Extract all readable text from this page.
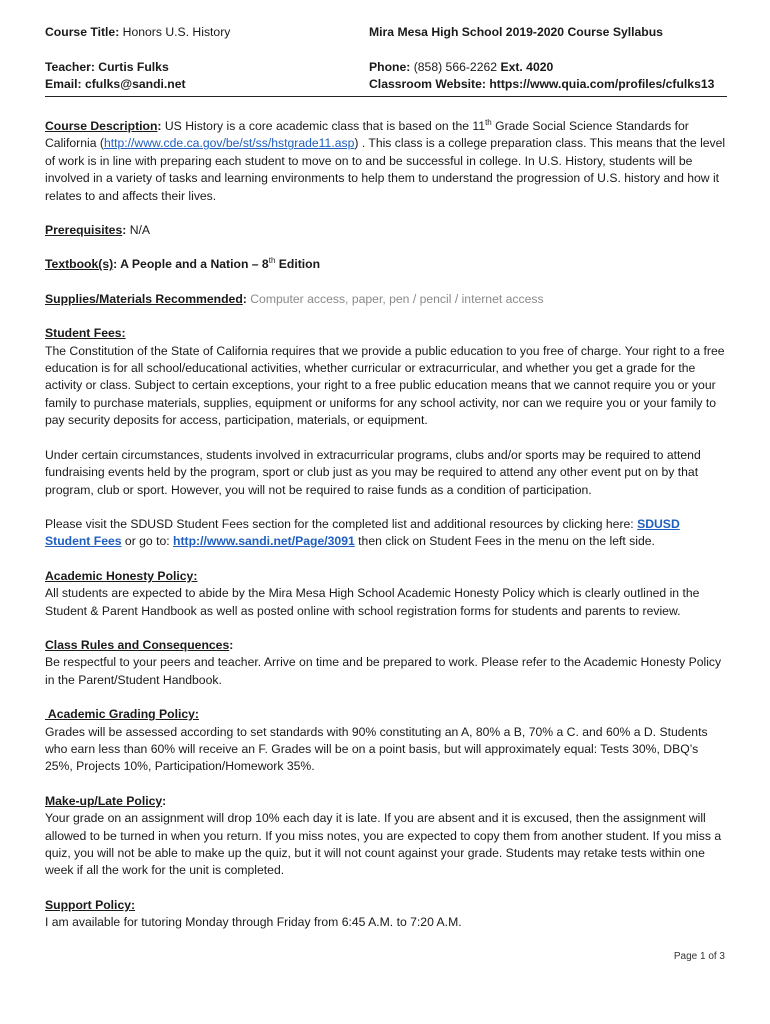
Course Title: Honors U.S. History	Mira Mesa High School 2019-2020 Course Syllabus
Teacher: Curtis Fulks	Phone: (858) 566-2262 Ext. 4020
Email: cfulks@sandi.net	Classroom Website: https://www.quia.com/profiles/cfulks13

Course Description: US History is a core academic class that is based on the 11th Grade Social Science Standards for California (http://www.cde.ca.gov/be/st/ss/hstgrade11.asp) . This class is a college preparation class. This means that the level of work is in line with preparing each student to move on to and be successful in college. In U.S. History, students will be involved in a variety of tasks and learning environments to help them to understand the progression of U.S. history and how it relates to and affects their lives.

Prerequisites: N/A

Textbook(s): A People and a Nation – 8th Edition

Supplies/Materials Recommended: Computer access, paper, pen / pencil / internet access

Student Fees:

The Constitution of the State of California requires that we provide a public education to you free of charge. Your right to a free education is for all school/educational activities, whether curricular or extracurricular, and whether you get a grade for the activity or class. Subject to certain exceptions, your right to a free public education means that we cannot require you or your family to purchase materials, supplies, equipment or uniforms for any school activity, nor can we require you or your family to pay security deposits for access, participation, materials, or equipment.

Under certain circumstances, students involved in extracurricular programs, clubs and/or sports may be required to attend fundraising events held by the program, sport or club just as you may be required to attend any other event put on by that program, club or sport. However, you will not be required to raise funds as a condition of participation.

Please visit the SDUSD Student Fees section for the completed list and additional resources by clicking here: SDUSD Student Fees or go to: http://www.sandi.net/Page/3091 then click on Student Fees in the menu on the left side.

Academic Honesty Policy:

All students are expected to abide by the Mira Mesa High School Academic Honesty Policy which is clearly outlined in the Student & Parent Handbook as well as posted online with school registration forms for students and parents to review.

Class Rules and Consequences:

Be respectful to your peers and teacher. Arrive on time and be prepared to work. Please refer to the Academic Honesty Policy in the Parent/Student Handbook.

Academic Grading Policy:

Grades will be assessed according to set standards with 90% constituting an A, 80% a B, 70% a C. and 60% a D. Students who earn less than 60% will receive an F. Grades will be on a point basis, but will approximately equal: Tests 30%, DBQ’s 25%, Projects 10%, Participation/Homework 35%.

Make-up/Late Policy:

Your grade on an assignment will drop 10% each day it is late. If you are absent and it is excused, then the assignment will allowed to be turned in when you return. If you miss notes, you are expected to copy them from another student. If you miss a quiz, you will not be able to make up the quiz, but it will not count against your grade. Students may retake tests within one week if all the work for the unit is completed.

Support Policy:

I am available for tutoring Monday through Friday from 6:45 A.M. to 7:20 A.M.

Page 1 of 3
